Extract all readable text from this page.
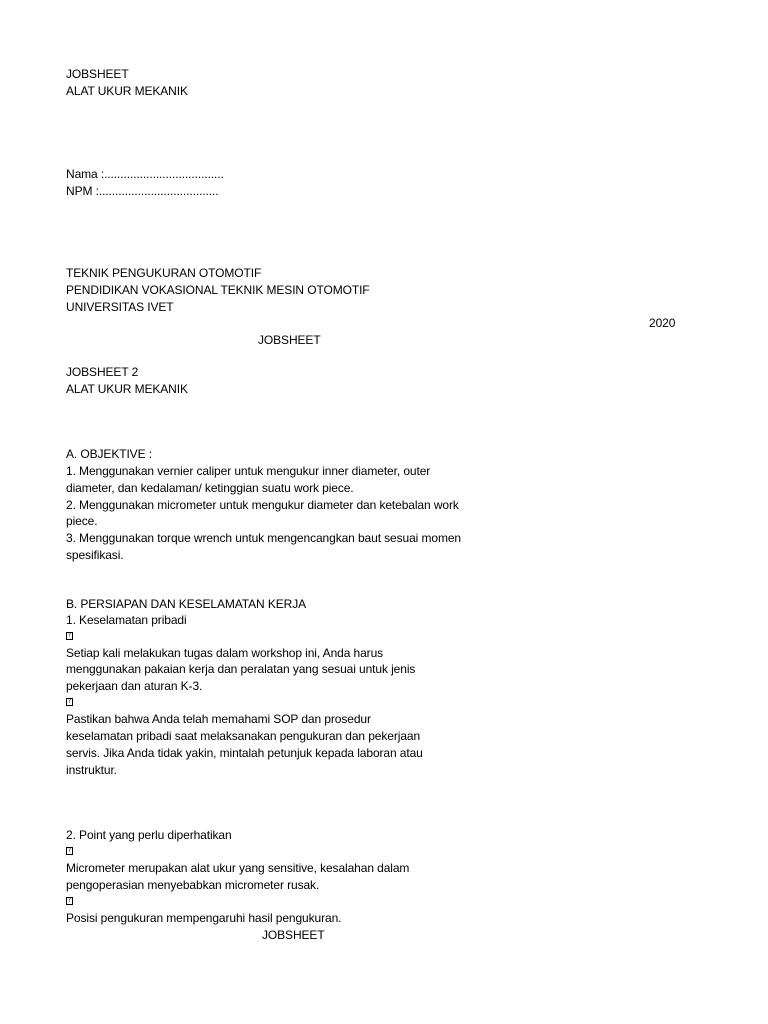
JOBSHEET
ALAT UKUR MEKANIK
Nama :.....................................
NPM :.....................................
TEKNIK PENGUKURAN OTOMOTIF
PENDIDIKAN VOKASIONAL TEKNIK MESIN OTOMOTIF
UNIVERSITAS IVET
2020
JOBSHEET
JOBSHEET 2
ALAT UKUR MEKANIK
A. OBJEKTIVE :
1. Menggunakan vernier caliper untuk mengukur inner diameter, outer
diameter, dan kedalaman/ ketinggian suatu work piece.
2. Menggunakan micrometer untuk mengukur diameter dan ketebalan work
piece.
3. Menggunakan torque wrench untuk mengencangkan baut sesuai momen
spesifikasi.
B. PERSIAPAN DAN KESELAMATAN KERJA
1. Keselamatan pribadi
?
Setiap kali melakukan tugas dalam workshop ini, Anda harus
menggunakan pakaian kerja dan peralatan yang sesuai untuk jenis
pekerjaan dan aturan K-3.
?
Pastikan bahwa Anda telah memahami SOP dan prosedur
keselamatan pribadi saat melaksanakan pengukuran dan pekerjaan
servis. Jika Anda tidak yakin, mintalah petunjuk kepada laboran atau
instruktur.
2. Point yang perlu diperhatikan
?
Micrometer merupakan alat ukur yang sensitive, kesalahan dalam
pengoperasian menyebabkan micrometer rusak.
?
Posisi pengukuran mempengaruhi hasil pengukuran.
JOBSHEET
